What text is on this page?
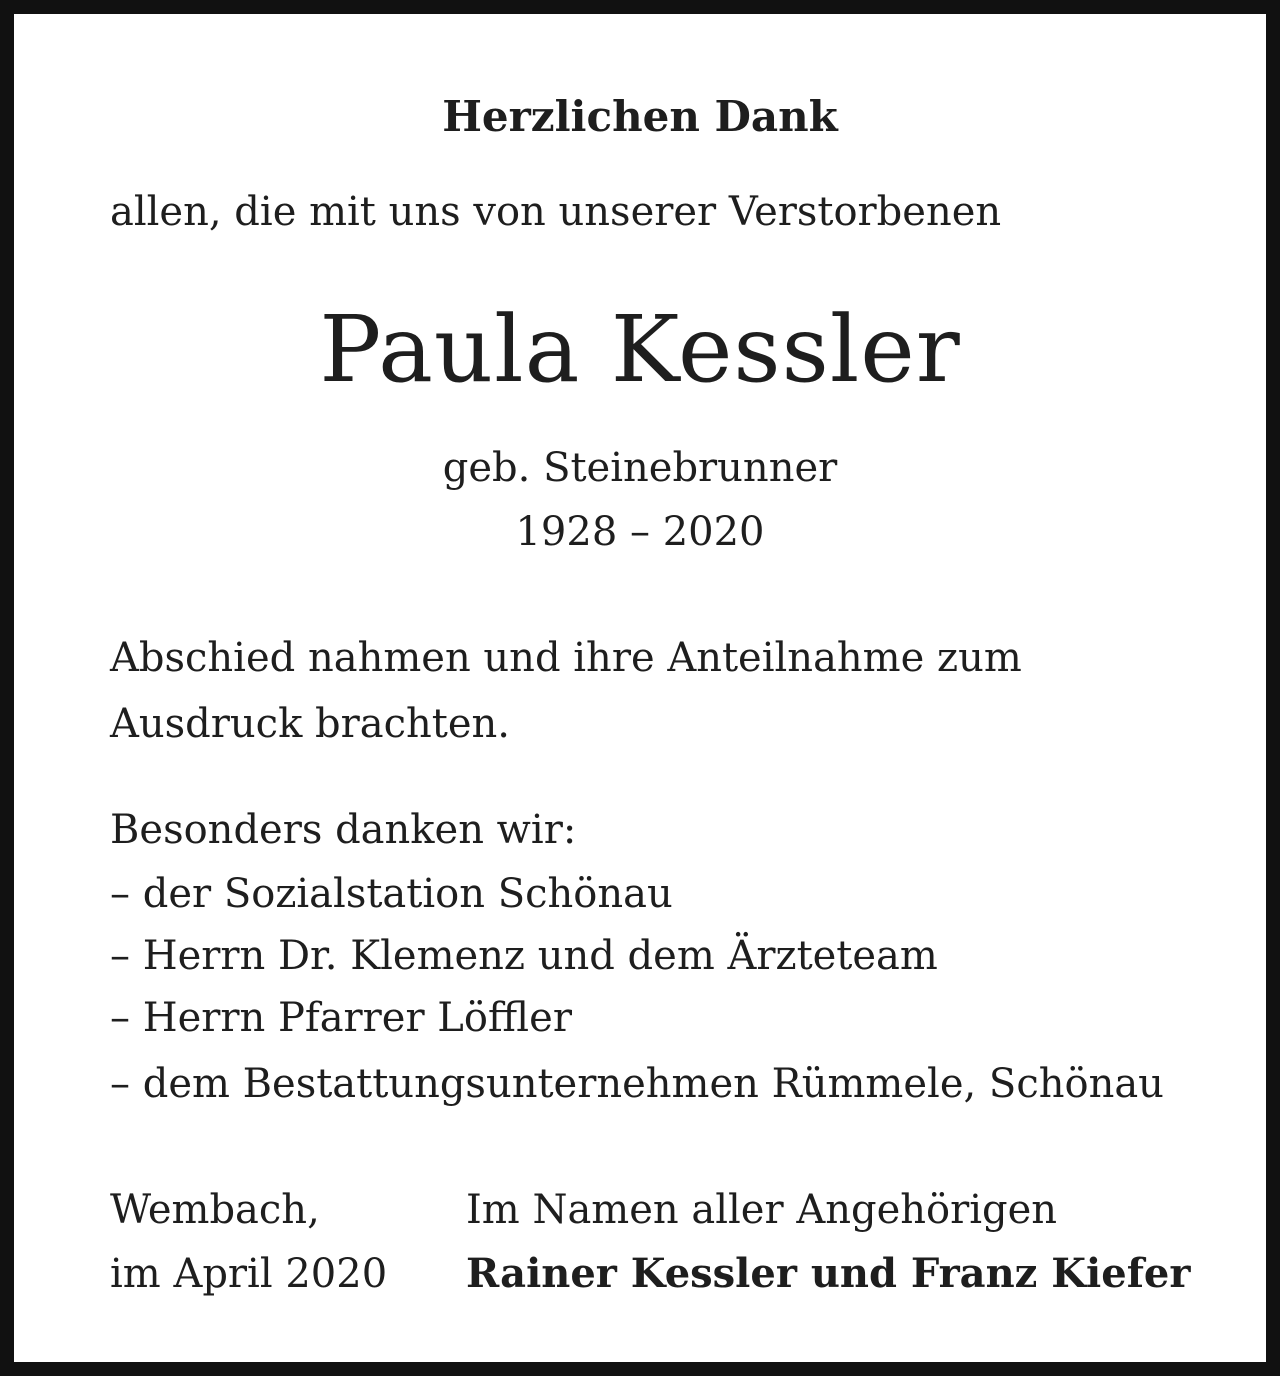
Herzlichen Dank
allen, die mit uns von unserer Verstorbenen
Paula Kessler
geb. Steinebrunner
1928 – 2020
Abschied nahmen und ihre Anteilnahme zum
Ausdruck brachten.
Besonders danken wir:
– der Sozialstation Schönau
– Herrn Dr. Klemenz und dem Ärzteteam
– Herrn Pfarrer Löffler
– dem Bestattungsunternehmen Rümmele, Schönau
Wembach,
im April 2020
Im Namen aller Angehörigen
Rainer Kessler und Franz Kiefer
